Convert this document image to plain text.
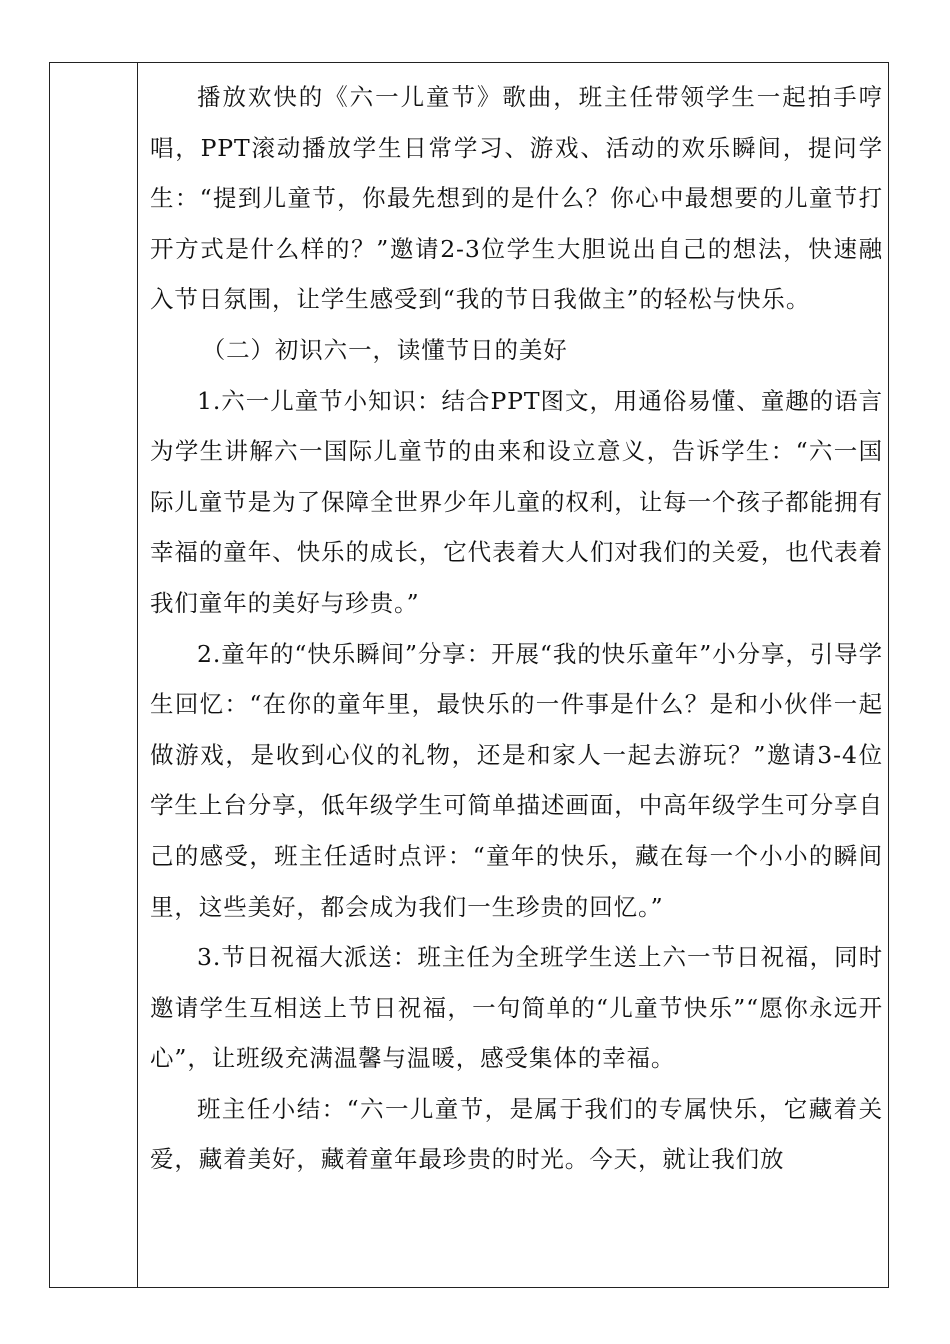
播放欢快的《六一儿童节》歌曲，班主任带领学生一起拍手哼唱，PPT滚动播放学生日常学习、游戏、活动的欢乐瞬间，提问学生：“提到儿童节，你最先想到的是什么？你心中最想要的儿童节打开方式是什么样的？”邀请2-3位学生大胆说出自己的想法，快速融入节日氛围，让学生感受到“我的节日我做主”的轻松与快乐。

（二）初识六一，读懂节日的美好

1.六一儿童节小知识：结合PPT图文，用通俗易懂、童趣的语言为学生讲解六一国际儿童节的由来和设立意义，告诉学生：“六一国际儿童节是为了保障全世界少年儿童的权利，让每一个孩子都能拥有幸福的童年、快乐的成长，它代表着大人们对我们的关爱，也代表着我们童年的美好与珍贵。”

2.童年的“快乐瞬间”分享：开展“我的快乐童年”小分享，引导学生回忆：“在你的童年里，最快乐的一件事是什么？是和小伙伴一起做游戏，是收到心仪的礼物，还是和家人一起去游玩？”邀请3-4位学生上台分享，低年级学生可简单描述画面，中高年级学生可分享自己的感受，班主任适时点评：“童年的快乐，藏在每一个小小的瞬间里，这些美好，都会成为我们一生珍贵的回忆。”

3.节日祝福大派送：班主任为全班学生送上六一节日祝福，同时邀请学生互相送上节日祝福，一句简单的“儿童节快乐”“愿你永远开心”，让班级充满温馨与温暖，感受集体的幸福。

班主任小结：“六一儿童节，是属于我们的专属快乐，它藏着关爱，藏着美好，藏着童年最珍贵的时光。今天，就让我们放
